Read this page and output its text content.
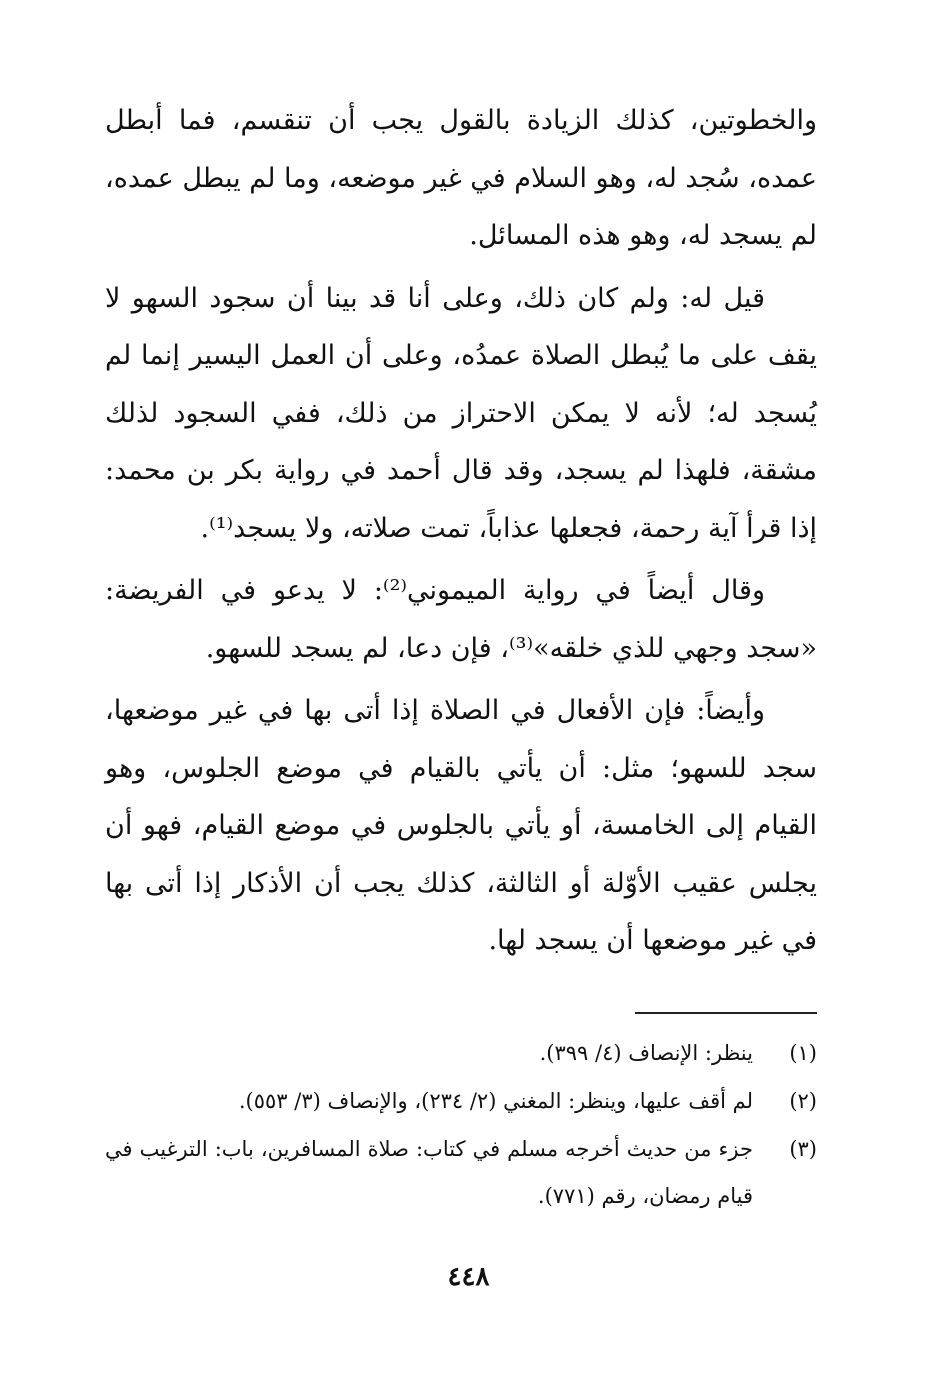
والخطوتين، كذلك الزيادة بالقول يجب أن تنقسم، فما أبطل عمده، سُجد له، وهو السلام في غير موضعه، وما لم يبطل عمده، لم يسجد له، وهو هذه المسائل.

قيل له: ولم كان ذلك، وعلى أنا قد بينا أن سجود السهو لا يقف على ما يُبطل الصلاة عمدُه، وعلى أن العمل اليسير إنما لم يُسجد له؛ لأنه لا يمكن الاحتراز من ذلك، ففي السجود لذلك مشقة، فلهذا لم يسجد، وقد قال أحمد في رواية بكر بن محمد: إذا قرأ آية رحمة، فجعلها عذاباً، تمت صلاته، ولا يسجد⁽¹⁾.

وقال أيضاً في رواية الميموني⁽²⁾: لا يدعو في الفريضة: «سجد وجهي للذي خلقه»⁽³⁾، فإن دعا، لم يسجد للسهو.

وأيضاً: فإن الأفعال في الصلاة إذا أتى بها في غير موضعها، سجد للسهو؛ مثل: أن يأتي بالقيام في موضع الجلوس، وهو القيام إلى الخامسة، أو يأتي بالجلوس في موضع القيام، فهو أن يجلس عقيب الأوّلة أو الثالثة، كذلك يجب أن الأذكار إذا أتى بها في غير موضعها أن يسجد لها.

(١)
ينظر: الإنصاف (٤/ ٣٩٩).
(٢)
لم أقف عليها، وينظر: المغني (٢/ ٢٣٤)، والإنصاف (٣/ ٥٥٣).
(٣)
جزء من حديث أخرجه مسلم في كتاب: صلاة المسافرين، باب: الترغيب في قيام رمضان، رقم (٧٧١).
٤٤٨
